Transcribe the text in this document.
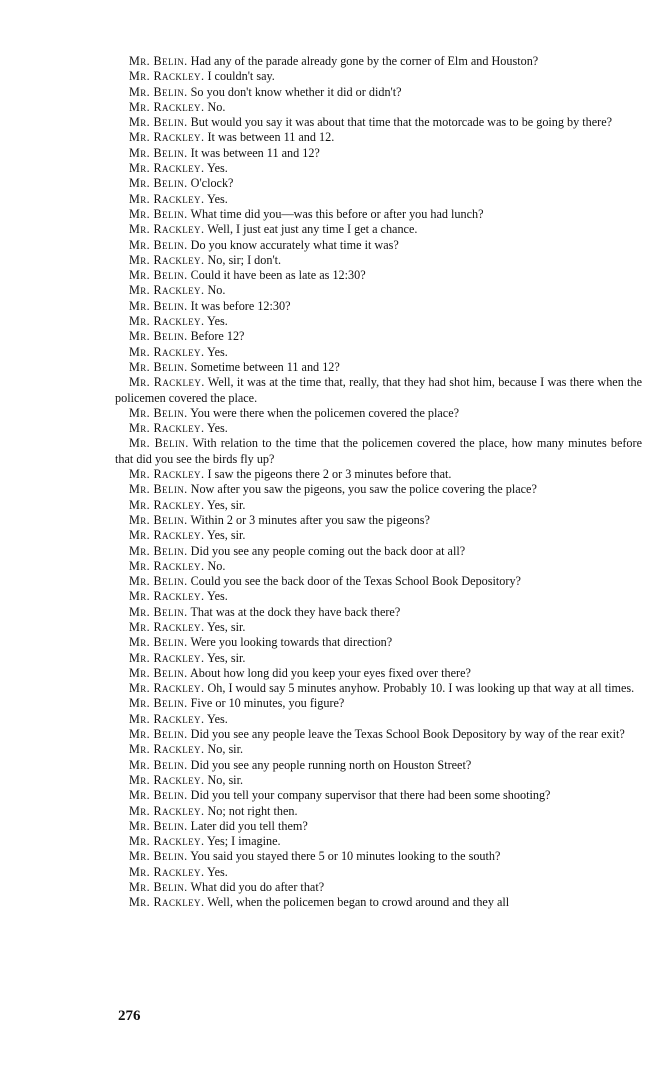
Mr. Belin. Had any of the parade already gone by the corner of Elm and Houston?

Mr. Rackley. I couldn't say.

Mr. Belin. So you don't know whether it did or didn't?

Mr. Rackley. No.

Mr. Belin. But would you say it was about that time that the motorcade was to be going by there?

Mr. Rackley. It was between 11 and 12.

Mr. Belin. It was between 11 and 12?

Mr. Rackley. Yes.

Mr. Belin. O'clock?

Mr. Rackley. Yes.

Mr. Belin. What time did you—was this before or after you had lunch?

Mr. Rackley. Well, I just eat just any time I get a chance.

Mr. Belin. Do you know accurately what time it was?

Mr. Rackley. No, sir; I don't.

Mr. Belin. Could it have been as late as 12:30?

Mr. Rackley. No.

Mr. Belin. It was before 12:30?

Mr. Rackley. Yes.

Mr. Belin. Before 12?

Mr. Rackley. Yes.

Mr. Belin. Sometime between 11 and 12?

Mr. Rackley. Well, it was at the time that, really, that they had shot him, because I was there when the policemen covered the place.

Mr. Belin. You were there when the policemen covered the place?

Mr. Rackley. Yes.

Mr. Belin. With relation to the time that the policemen covered the place, how many minutes before that did you see the birds fly up?

Mr. Rackley. I saw the pigeons there 2 or 3 minutes before that.

Mr. Belin. Now after you saw the pigeons, you saw the police covering the place?

Mr. Rackley. Yes, sir.

Mr. Belin. Within 2 or 3 minutes after you saw the pigeons?

Mr. Rackley. Yes, sir.

Mr. Belin. Did you see any people coming out the back door at all?

Mr. Rackley. No.

Mr. Belin. Could you see the back door of the Texas School Book Depository?

Mr. Rackley. Yes.

Mr. Belin. That was at the dock they have back there?

Mr. Rackley. Yes, sir.

Mr. Belin. Were you looking towards that direction?

Mr. Rackley. Yes, sir.

Mr. Belin. About how long did you keep your eyes fixed over there?

Mr. Rackley. Oh, I would say 5 minutes anyhow. Probably 10. I was looking up that way at all times.

Mr. Belin. Five or 10 minutes, you figure?

Mr. Rackley. Yes.

Mr. Belin. Did you see any people leave the Texas School Book Depository by way of the rear exit?

Mr. Rackley. No, sir.

Mr. Belin. Did you see any people running north on Houston Street?

Mr. Rackley. No, sir.

Mr. Belin. Did you tell your company supervisor that there had been some shooting?

Mr. Rackley. No; not right then.

Mr. Belin. Later did you tell them?

Mr. Rackley. Yes; I imagine.

Mr. Belin. You said you stayed there 5 or 10 minutes looking to the south?

Mr. Rackley. Yes.

Mr. Belin. What did you do after that?

Mr. Rackley. Well, when the policemen began to crowd around and they all

276
